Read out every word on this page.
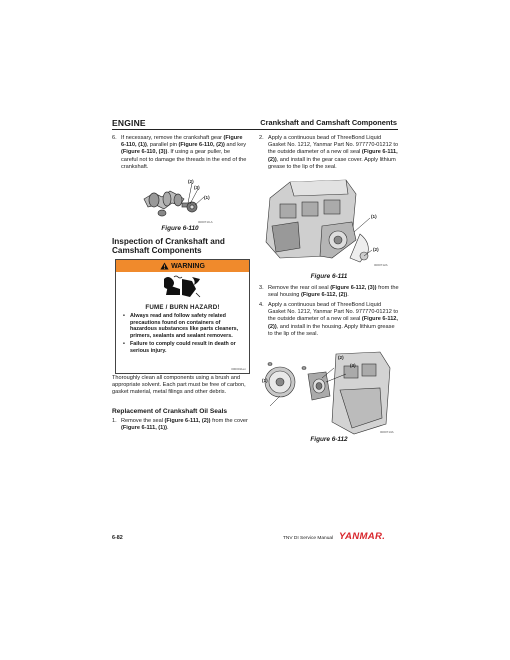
ENGINE	Crankshaft and Camshaft Components
6. If necessary, remove the crankshaft gear (Figure 6-110, (1)), parallel pin (Figure 6-110, (2)) and key (Figure 6-110, (3)). If using a gear puller, be careful not to damage the threads in the end of the crankshaft.
(2)
(3)
(1)
0000710-A
Figure 6-110
Inspection of Crankshaft and Camshaft Components
WARNING
FUME / BURN HAZARD!
• Always read and follow safety related precautions found on containers of hazardous substances like parts cleaners, primers, sealants and sealant removers.
• Failure to comply could result in death or serious injury.
0000011en
Thoroughly clean all components using a brush and appropriate solvent. Each part must be free of carbon, gasket material, metal filings and other debris.
Replacement of Crankshaft Oil Seals
1. Remove the seal (Figure 6-111, (2)) from the cover (Figure 6-111, (1)).
2. Apply a continuous bead of ThreeBond Liquid Gasket No. 1212, Yanmar Part No. 977770-01212 to the outside diameter of a new oil seal (Figure 6-111, (2)), and install in the gear case cover. Apply lithium grease to the lip of the seal.
(1)
(2)
0000712A
Figure 6-111
3. Remove the rear oil seal (Figure 6-112, (3)) from the seal housing (Figure 6-112, (2)).
4. Apply a continuous bead of ThreeBond Liquid Gasket No. 1212, Yanmar Part No. 977770-01212 to the outside diameter of a new oil seal (Figure 6-112, (2)), and install in the housing. Apply lithium grease to the lip of the seal.
(2)
(3)
(1)
0000713A
Figure 6-112
6-82	TNV DI Service Manual YANMAR.
